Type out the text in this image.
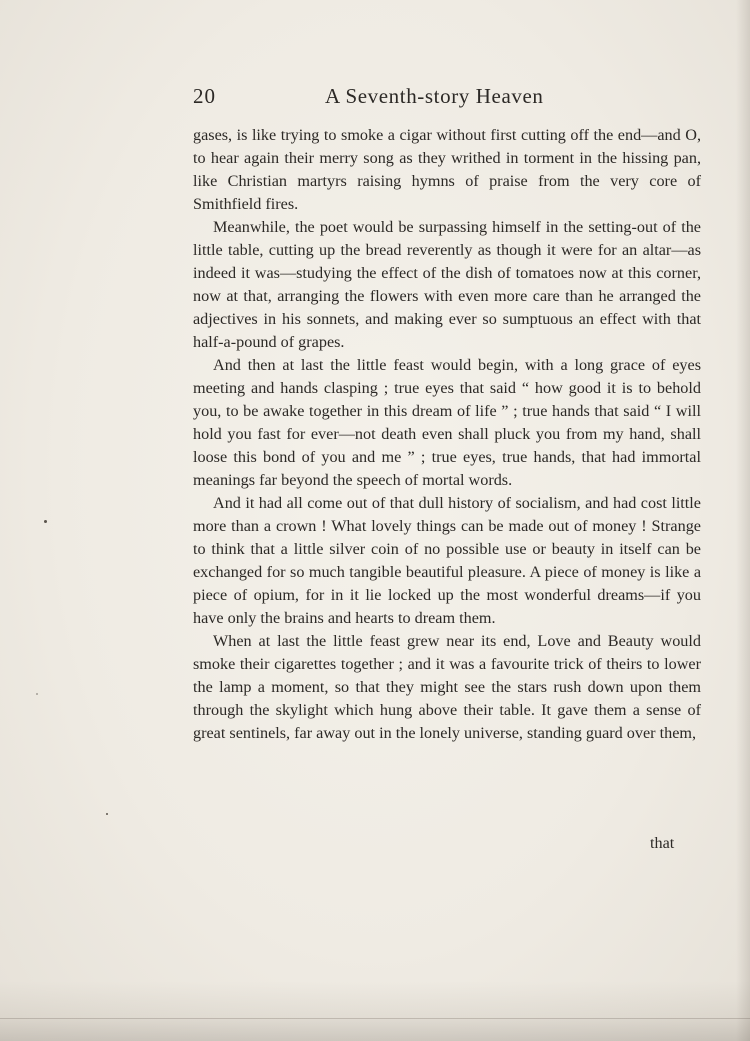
20	A Seventh-story Heaven

gases, is like trying to smoke a cigar without first cutting off the end—and O, to hear again their merry song as they writhed in torment in the hissing pan, like Christian martyrs raising hymns of praise from the very core of Smithfield fires.

Meanwhile, the poet would be surpassing himself in the setting-out of the little table, cutting up the bread reverently as though it were for an altar—as indeed it was—studying the effect of the dish of tomatoes now at this corner, now at that, arranging the flowers with even more care than he arranged the adjectives in his sonnets, and making ever so sumptuous an effect with that half-a-pound of grapes.

And then at last the little feast would begin, with a long grace of eyes meeting and hands clasping ; true eyes that said “ how good it is to behold you, to be awake together in this dream of life ” ; true hands that said “ I will hold you fast for ever—not death even shall pluck you from my hand, shall loose this bond of you and me ” ; true eyes, true hands, that had immortal meanings far beyond the speech of mortal words.

And it had all come out of that dull history of socialism, and had cost little more than a crown ! What lovely things can be made out of money ! Strange to think that a little silver coin of no possible use or beauty in itself can be exchanged for so much tangible beautiful pleasure. A piece of money is like a piece of opium, for in it lie locked up the most wonderful dreams—if you have only the brains and hearts to dream them.

When at last the little feast grew near its end, Love and Beauty would smoke their cigarettes together ; and it was a favourite trick of theirs to lower the lamp a moment, so that they might see the stars rush down upon them through the skylight which hung above their table. It gave them a sense of great sentinels, far away out in the lonely universe, standing guard over them,

that
